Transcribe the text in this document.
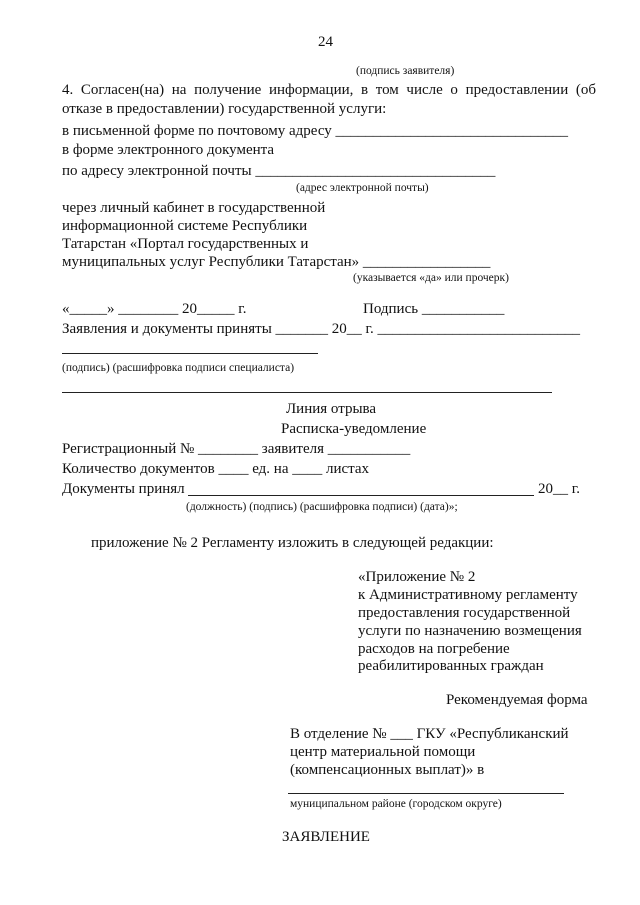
24
(подпись заявителя)
4. Согласен(на) на получение информации, в том числе о предоставлении (об
отказе в предоставлении) государственной услуги:
в письменной форме по почтовому адресу _______________________________
в форме электронного документа
по адресу электронной почты ________________________________
(адрес электронной почты)
через личный кабинет в государственной
информационной системе Республики
Татарстан «Портал государственных и
муниципальных услуг Республики Татарстан» _________________
(указывается «да» или прочерк)
«_____» ________ 20_____ г.	Подпись ___________
Заявления и документы приняты _______ 20__ г. ___________________________
(подпись) (расшифровка подписи специалиста)
Линия отрыва
Расписка-уведомление
Регистрационный № ________ заявителя ___________
Количество документов ____ ед. на ____ листах
Документы принял	20__ г.
(должность) (подпись) (расшифровка подписи) (дата)»;
приложение № 2 Регламенту изложить в следующей редакции:
«Приложение № 2
к Административному регламенту
предоставления государственной
услуги по назначению возмещения
расходов на погребение
реабилитированных граждан
Рекомендуемая форма
В отделение № ___ ГКУ «Республиканский
центр материальной помощи
(компенсационных выплат)» в
муниципальном районе (городском округе)
ЗАЯВЛЕНИЕ
